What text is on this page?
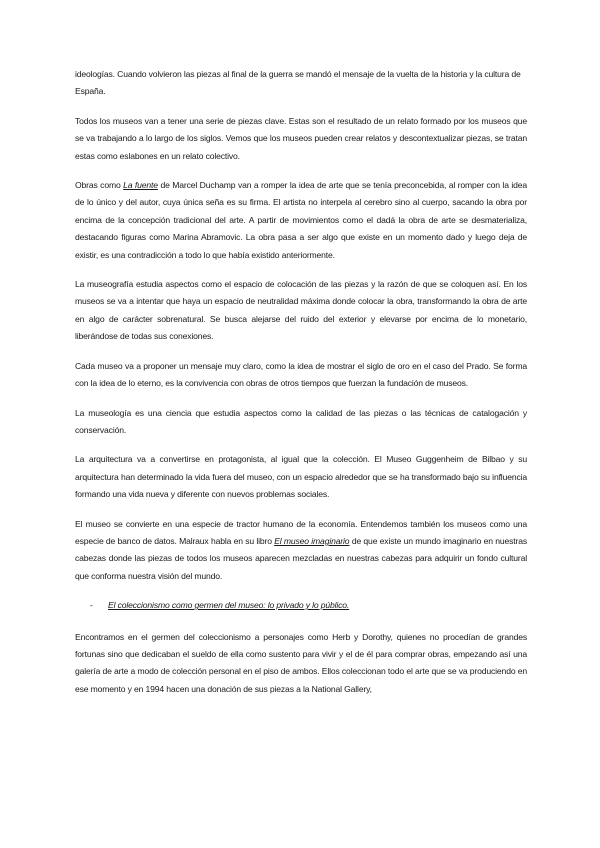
ideologías. Cuando volvieron las piezas al final de la guerra se mandó el mensaje de la vuelta de la historia y la cultura de España.

Todos los museos van a tener una serie de piezas clave. Estas son el resultado de un relato formado por los museos que se va trabajando a lo largo de los siglos. Vemos que los museos pueden crear relatos y descontextualizar piezas, se tratan estas como eslabones en un relato colectivo.

Obras como La fuente de Marcel Duchamp van a romper la idea de arte que se tenía preconcebida, al romper con la idea de lo único y del autor, cuya única seña es su firma. El artista no interpela al cerebro sino al cuerpo, sacando la obra por encima de la concepción tradicional del arte. A partir de movimientos como el dadá la obra de arte se desmaterializa, destacando figuras como Marina Abramovic. La obra pasa a ser algo que existe en un momento dado y luego deja de existir, es una contradicción a todo lo que había existido anteriormente.

La museografía estudia aspectos como el espacio de colocación de las piezas y la razón de que se coloquen así. En los museos se va a intentar que haya un espacio de neutralidad máxima donde colocar la obra, transformando la obra de arte en algo de carácter sobrenatural. Se busca alejarse del ruido del exterior y elevarse por encima de lo monetario, liberándose de todas sus conexiones.

Cada museo va a proponer un mensaje muy claro, como la idea de mostrar el siglo de oro en el caso del Prado. Se forma con la idea de lo eterno, es la convivencia con obras de otros tiempos que fuerzan la fundación de museos.

La museología es una ciencia que estudia aspectos como la calidad de las piezas o las técnicas de catalogación y conservación.

La arquitectura va a convertirse en protagonista, al igual que la colección. El Museo Guggenheim de Bilbao y su arquitectura han determinado la vida fuera del museo, con un espacio alrededor que se ha transformado bajo su influencia formando una vida nueva y diferente con nuevos problemas sociales.

El museo se convierte en una especie de tractor humano de la economía. Entendemos también los museos como una especie de banco de datos. Malraux habla en su libro El museo imaginario de que existe un mundo imaginario en nuestras cabezas donde las piezas de todos los museos aparecen mezcladas en nuestras cabezas para adquirir un fondo cultural que conforma nuestra visión del mundo.

- El coleccionismo como germen del museo: lo privado y lo público.

Encontramos en el germen del coleccionismo a personajes como Herb y Dorothy, quienes no procedían de grandes fortunas sino que dedicaban el sueldo de ella como sustento para vivir y el de él para comprar obras, empezando así una galería de arte a modo de colección personal en el piso de ambos. Ellos coleccionan todo el arte que se va produciendo en ese momento y en 1994 hacen una donación de sus piezas a la National Gallery,
